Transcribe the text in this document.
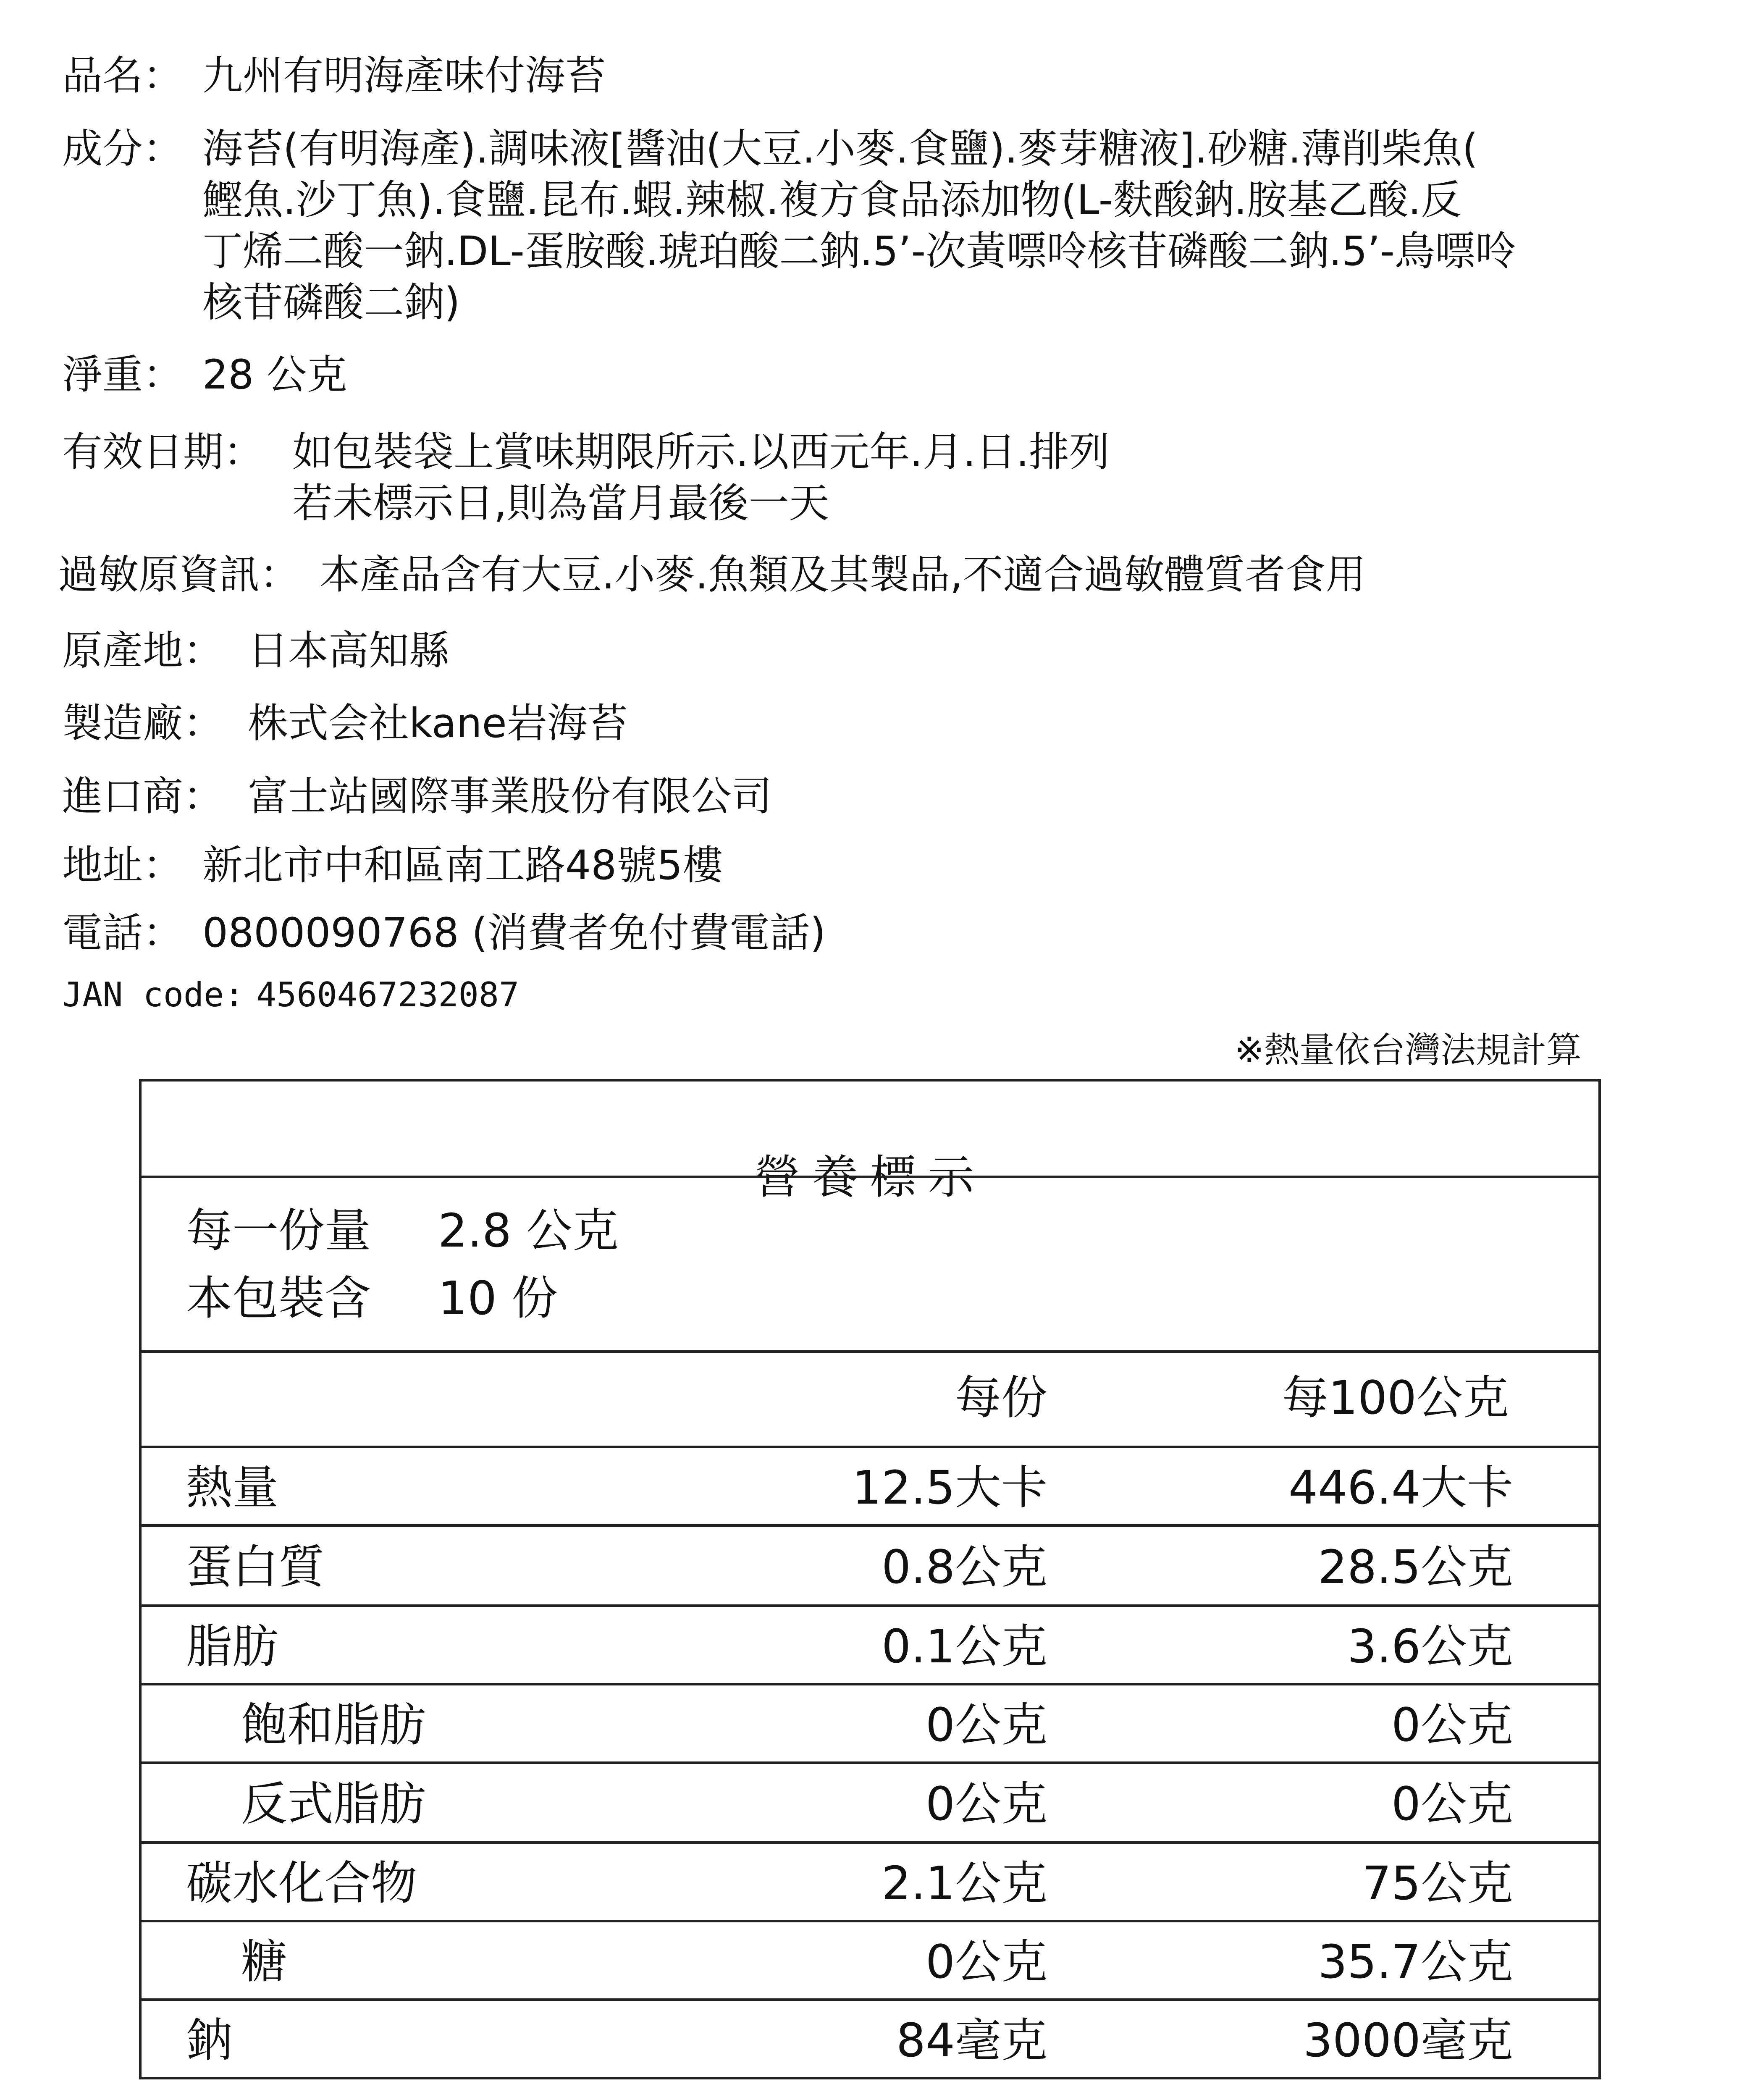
品名： 九州有明海產味付海苔
成分： 海苔(有明海產).調味液[醬油(大豆.小麥.食鹽).麥芽糖液].砂糖.薄削柴魚(
鰹魚.沙丁魚).食鹽.昆布.蝦.辣椒.複方食品添加物(L-麩酸鈉.胺基乙酸.反
丁烯二酸一鈉.DL-蛋胺酸.琥珀酸二鈉.5’-次黃嘌呤核苷磷酸二鈉.5’-鳥嘌呤
核苷磷酸二鈉)
淨重： 28 公克
有效日期： 如包裝袋上賞味期限所示.以西元年.月.日.排列
若未標示日,則為當月最後一天
過敏原資訊： 本產品含有大豆.小麥.魚類及其製品,不適合過敏體質者食用
原產地： 日本高知縣
製造廠： 株式会社kane岩海苔
進口商： 富士站國際事業股份有限公司
地址： 新北市中和區南工路48號5樓
電話： 0800090768 (消費者免付費電話)
JAN code: 4560467232087
※熱量依台灣法規計算
營養標示
每一份量 2.8 公克
本包裝含 10 份
每份	每100公克
熱量	12.5大卡	446.4大卡
蛋白質	0.8公克	28.5公克
脂肪	0.1公克	3.6公克
飽和脂肪	0公克	0公克
反式脂肪	0公克	0公克
碳水化合物	2.1公克	75公克
糖	0公克	35.7公克
鈉	84毫克	3000毫克
